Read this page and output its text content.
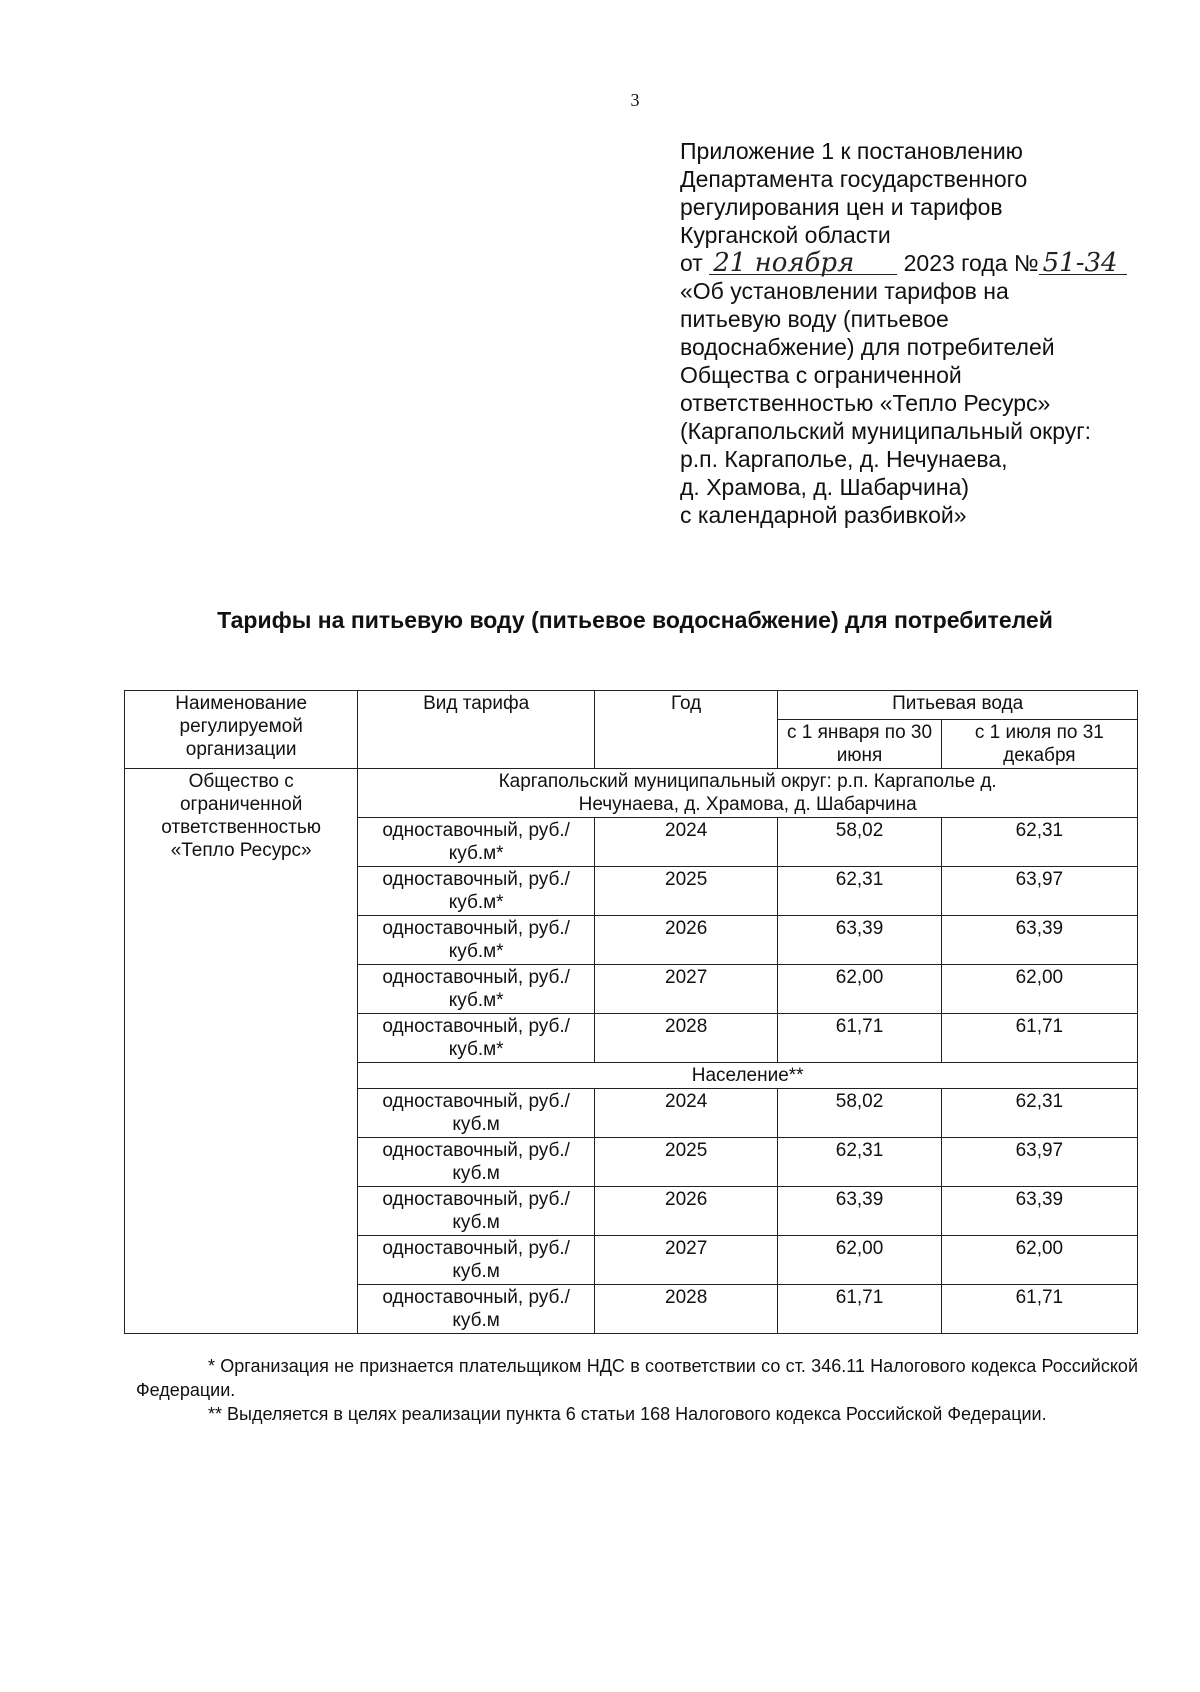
3
Приложение 1 к постановлению
Департамента государственного
регулирования цен и тарифов
Курганской области
от 21 ноября 2023 года № 51-34
«Об установлении тарифов на
питьевую воду (питьевое
водоснабжение) для потребителей
Общества с ограниченной
ответственностью «Тепло Ресурс»
(Каргапольский муниципальный округ:
р.п. Каргаполье, д. Нечунаева,
д. Храмова, д. Шабарчина)
с календарной разбивкой»
Тарифы на питьевую воду (питьевое водоснабжение) для потребителей
Наименование регулируемой организации	Вид тарифа	Год	Питьевая вода	
			с 1 января по 30 июня	с 1 июля по 31 декабря
Общество с ограниченной ответственностью «Тепло Ресурс»	Каргапольский муниципальный округ: р.п. Каргаполье д. Нечунаева, д. Храмова, д. Шабарчина			
	одноставочный, руб./куб.м*	2024	58,02	62,31
	одноставочный, руб./куб.м*	2025	62,31	63,97
	одноставочный, руб./куб.м*	2026	63,39	63,39
	одноставочный, руб./куб.м*	2027	62,00	62,00
	одноставочный, руб./куб.м*	2028	61,71	61,71
	Население**			
	одноставочный, руб./куб.м	2024	58,02	62,31
	одноставочный, руб./куб.м	2025	62,31	63,97
	одноставочный, руб./куб.м	2026	63,39	63,39
	одноставочный, руб./куб.м	2027	62,00	62,00
	одноставочный, руб./куб.м	2028	61,71	61,71

* Организация не признается плательщиком НДС в соответствии со ст. 346.11 Налогового кодекса Российской Федерации.

** Выделяется в целях реализации пункта 6 статьи 168 Налогового кодекса Российской Федерации.
